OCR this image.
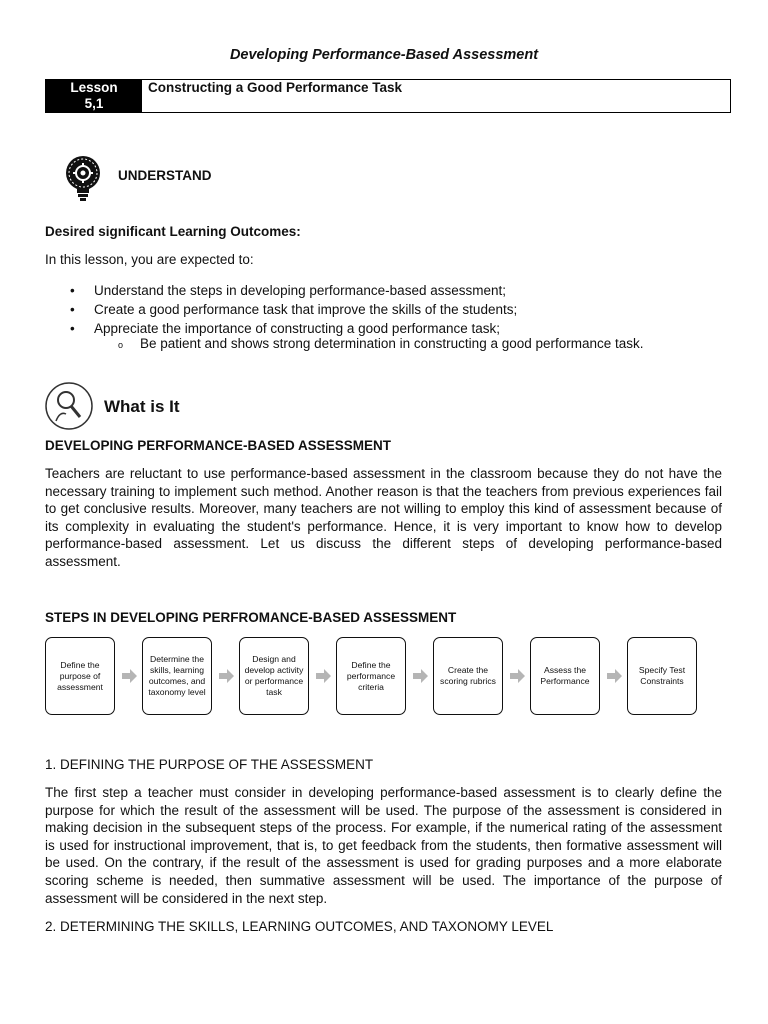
Developing Performance-Based Assessment
Lesson
5,1
Constructing a Good Performance Task
UNDERSTAND
Desired significant Learning Outcomes:
In this lesson, you are expected to:
• Understand the steps in developing performance-based assessment;
• Create a good performance task that improve the skills of the students;
• Appreciate the importance of constructing a good performance task;
o Be patient and shows strong determination in constructing a good performance task.
What is It
DEVELOPING PERFORMANCE-BASED ASSESSMENT

Teachers are reluctant to use performance-based assessment in the classroom because they do not have the necessary training to implement such method. Another reason is that the teachers from previous experiences fail to get conclusive results. Moreover, many teachers are not willing to employ this kind of assessment because of its complexity in evaluating the student's performance. Hence, it is very important to know how to develop performance-based assessment. Let us discuss the different steps of developing performance-based assessment.

STEPS IN DEVELOPING PERFROMANCE-BASED ASSESSMENT
Define the purpose of assessment
Determine the skills, learning outcomes, and taxonomy level
Design and develop activity or performance task
Define the performance criteria
Create the scoring rubrics
Assess the Performance
Specify Test Constraints
1. DEFINING THE PURPOSE OF THE ASSESSMENT

The first step a teacher must consider in developing performance-based assessment is to clearly define the purpose for which the result of the assessment will be used. The purpose of the assessment is considered in making decision in the subsequent steps of the process. For example, if the numerical rating of the assessment is used for instructional improvement, that is, to get feedback from the students, then formative assessment will be used. On the contrary, if the result of the assessment is used for grading purposes and a more elaborate scoring scheme is needed, then summative assessment will be used. The importance of the purpose of assessment will be considered in the next step.

2. DETERMINING THE SKILLS, LEARNING OUTCOMES, AND TAXONOMY LEVEL
